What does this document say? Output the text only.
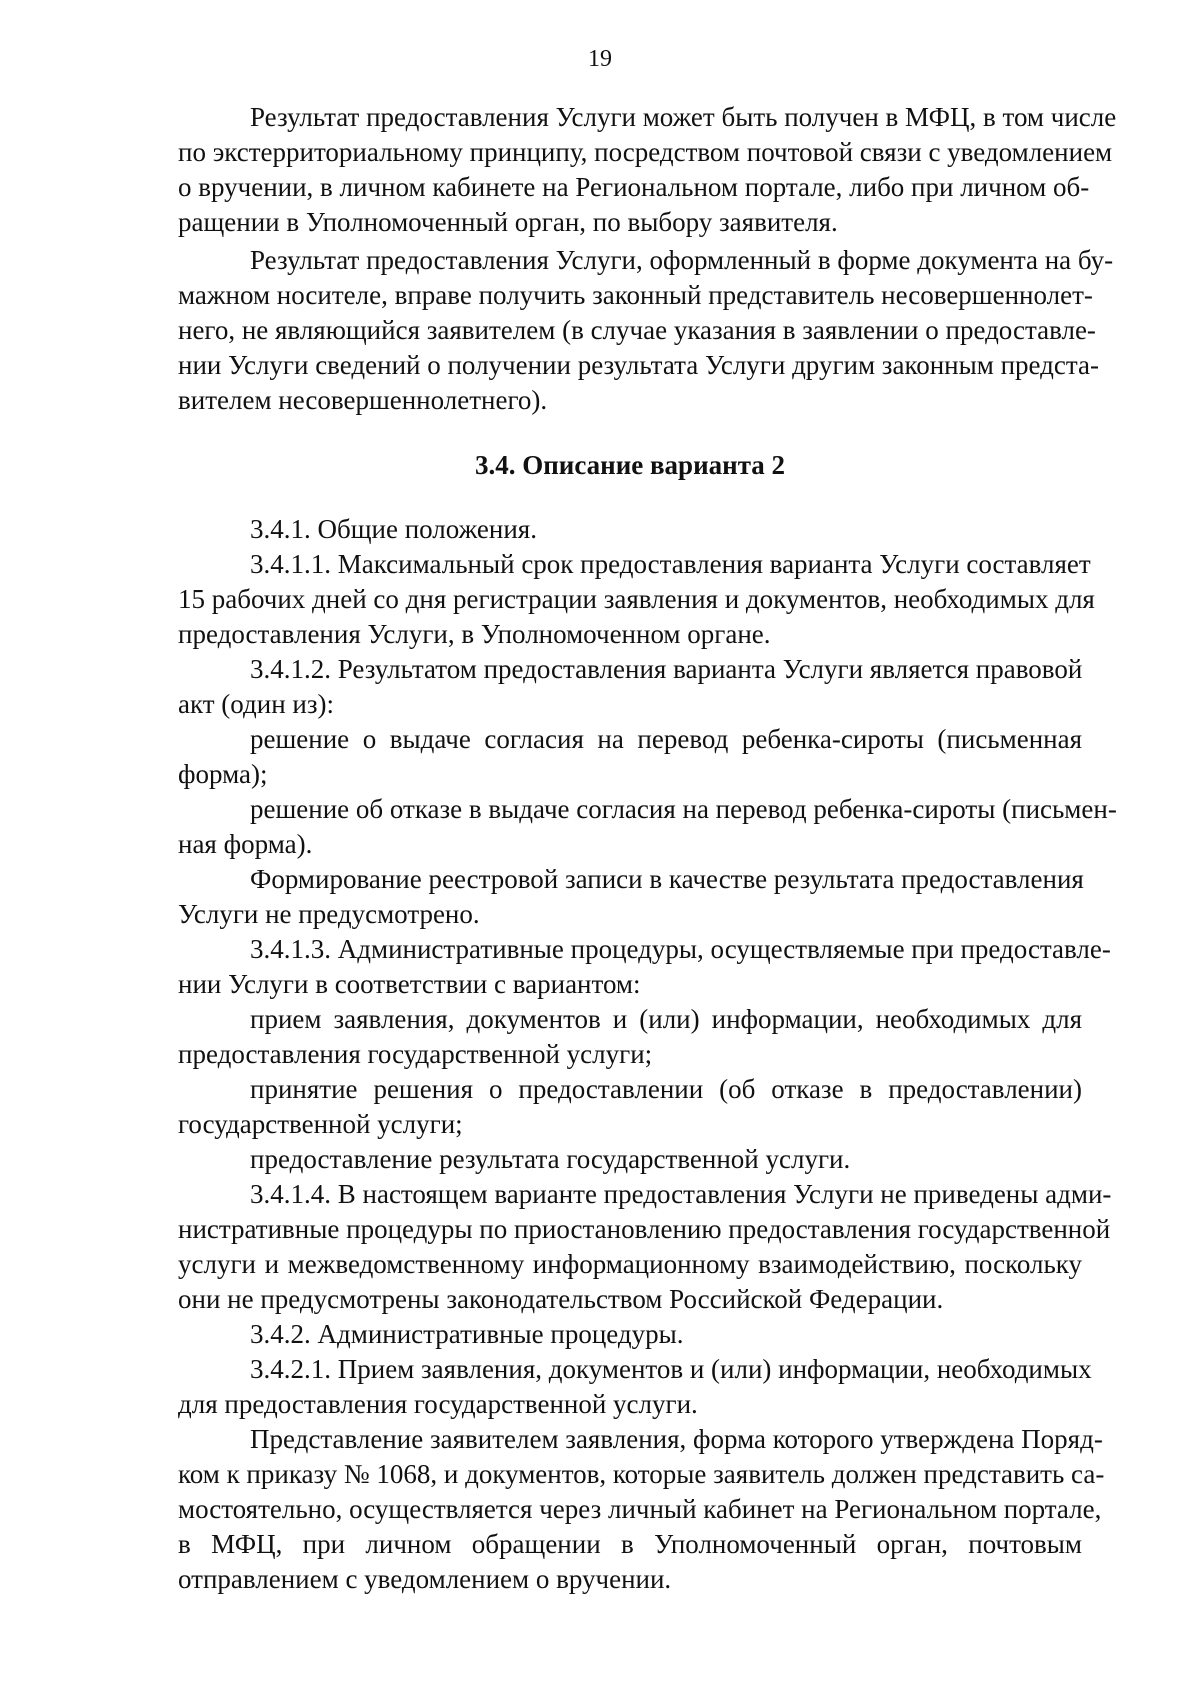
19
Результат предоставления Услуги может быть получен в МФЦ, в том числе
по экстерриториальному принципу, посредством почтовой связи с уведомлением
о вручении, в личном кабинете на Региональном портале, либо при личном об-
ращении в Уполномоченный орган, по выбору заявителя.
Результат предоставления Услуги, оформленный в форме документа на бу-
мажном носителе, вправе получить законный представитель несовершеннолет-
него, не являющийся заявителем (в случае указания в заявлении о предоставле-
нии Услуги сведений о получении результата Услуги другим законным предста-
вителем несовершеннолетнего).
3.4. Описание варианта 2
3.4.1. Общие положения.
3.4.1.1. Максимальный срок предоставления варианта Услуги составляет
15 рабочих дней со дня регистрации заявления и документов, необходимых для
предоставления Услуги, в Уполномоченном органе.
3.4.1.2. Результатом предоставления варианта Услуги является правовой
акт (один из):
решение о выдаче согласия на перевод ребенка-сироты (письменная
форма);
решение об отказе в выдаче согласия на перевод ребенка-сироты (письмен-
ная форма).
Формирование реестровой записи в качестве результата предоставления
Услуги не предусмотрено.
3.4.1.3. Административные процедуры, осуществляемые при предоставле-
нии Услуги в соответствии с вариантом:
прием заявления, документов и (или) информации, необходимых для
предоставления государственной услуги;
принятие решения о предоставлении (об отказе в предоставлении)
государственной услуги;
предоставление результата государственной услуги.
3.4.1.4. В настоящем варианте предоставления Услуги не приведены адми-
нистративные процедуры по приостановлению предоставления государственной
услуги и межведомственному информационному взаимодействию, поскольку
они не предусмотрены законодательством Российской Федерации.
3.4.2. Административные процедуры.
3.4.2.1. Прием заявления, документов и (или) информации, необходимых
для предоставления государственной услуги.
Представление заявителем заявления, форма которого утверждена Поряд-
ком к приказу № 1068, и документов, которые заявитель должен представить са-
мостоятельно, осуществляется через личный кабинет на Региональном портале,
в МФЦ, при личном обращении в Уполномоченный орган, почтовым
отправлением с уведомлением о вручении.
